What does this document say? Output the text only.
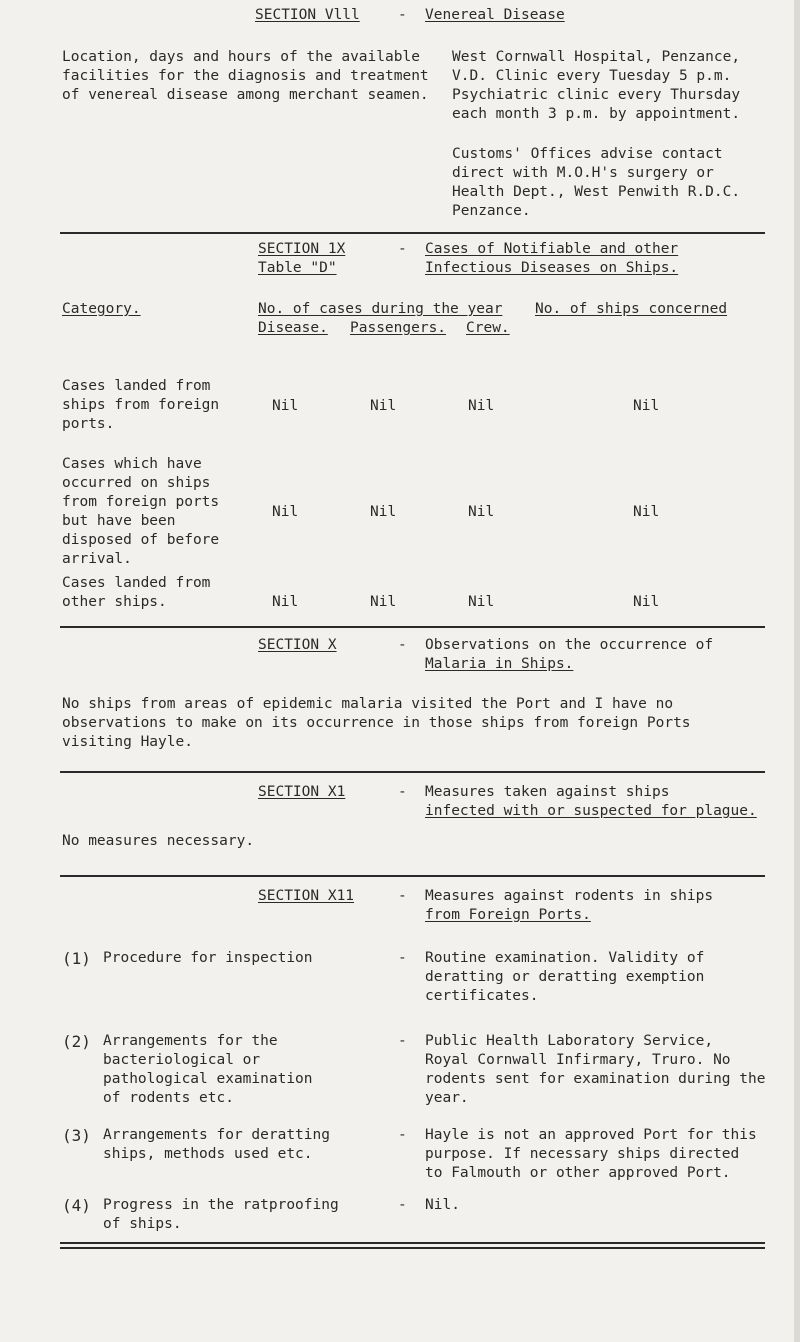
SECTION Vlll	- Venereal Disease
Location, days and hours of the available
facilities for the diagnosis and treatment
of venereal disease among merchant seamen.
West Cornwall Hospital, Penzance,
V.D. Clinic every Tuesday 5 p.m.
Psychiatric clinic every Thursday
each month 3 p.m. by appointment.
Customs' Offices advise contact
direct with M.O.H's surgery or
Health Dept., West Penwith R.D.C.
Penzance.
SECTION 1X
Table "D"
- Cases of Notifiable and other
Infectious Diseases on Ships.
Category.	No. of cases during the year No. of ships concerned
Disease. Passengers. Crew.
Cases landed from
ships from foreign
ports.
Nil	Nil	Nil	Nil
Cases which have
occurred on ships
from foreign ports
but have been
disposed of before
arrival.
Nil	Nil	Nil	Nil
Cases landed from
other ships.	Nil	Nil	Nil	Nil
SECTION X	- Observations on the occurrence of
Malaria in Ships.
No ships from areas of epidemic malaria visited the Port and I have no
observations to make on its occurrence in those ships from foreign Ports
visiting Hayle.
SECTION X1	- Measures taken against ships
infected with or suspected for plague.
No measures necessary.
SECTION X11	- Measures against rodents in ships
from Foreign Ports.
(1) Procedure for inspection	- Routine examination. Validity of
deratting or deratting exemption
certificates.
(2) Arrangements for the
bacteriological or
pathological examination
of rodents etc.
- Public Health Laboratory Service,
Royal Cornwall Infirmary, Truro. No
rodents sent for examination during the
year.
(3) Arrangements for deratting
ships, methods used etc.
- Hayle is not an approved Port for this
purpose. If necessary ships directed
to Falmouth or other approved Port.
(4) Progress in the ratproofing
of ships.
- Nil.
